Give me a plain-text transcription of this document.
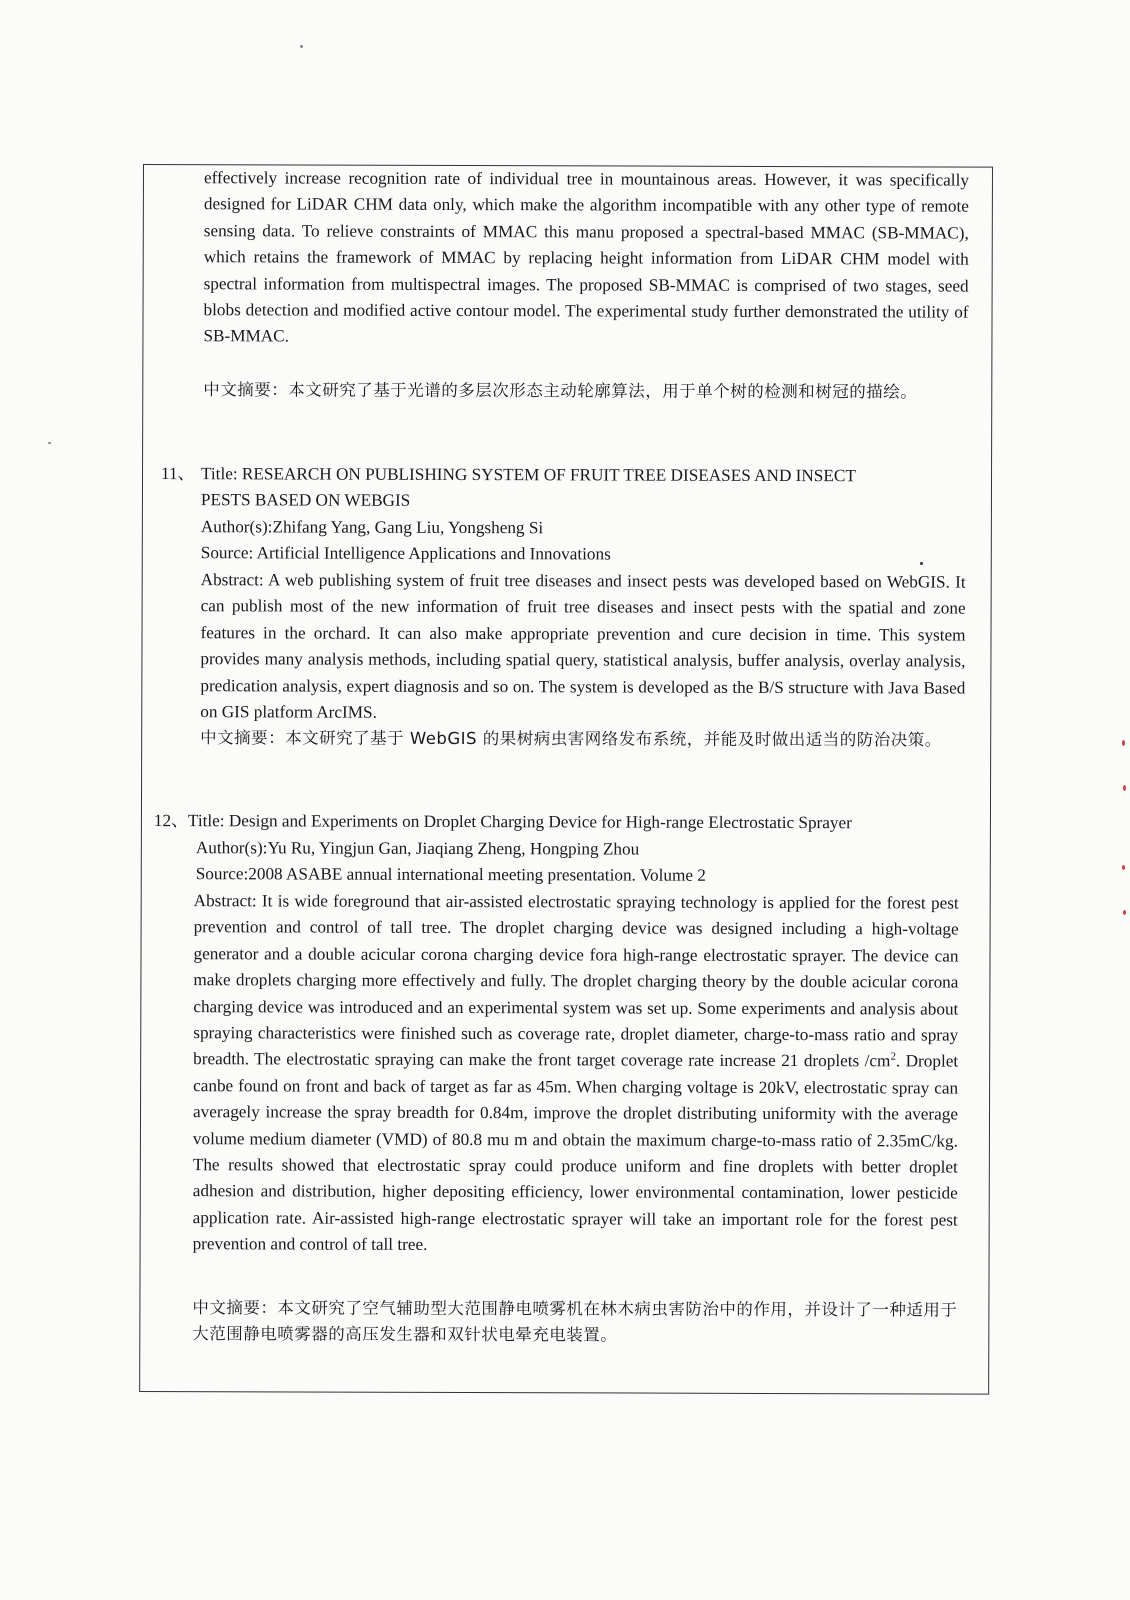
effectively increase recognition rate of individual tree in mountainous areas. However, it was specifically designed for LiDAR CHM data only, which make the algorithm incompatible with any other type of remote sensing data. To relieve constraints of MMAC this manu proposed a spectral-based MMAC (SB-MMAC), which retains the framework of MMAC by replacing height information from LiDAR CHM model with spectral information from multispectral images. The proposed SB-MMAC is comprised of two stages, seed blobs detection and modified active contour model. The experimental study further demonstrated the utility of SB-MMAC.

中文摘要：本文研究了基于光谱的多层次形态主动轮廓算法，用于单个树的检测和树冠的描绘。

11、 Title: RESEARCH ON PUBLISHING SYSTEM OF FRUIT TREE DISEASES AND INSECT

PESTS BASED ON WEBGIS

Author(s):Zhifang Yang, Gang Liu, Yongsheng Si

Source: Artificial Intelligence Applications and Innovations

Abstract: A web publishing system of fruit tree diseases and insect pests was developed based on WebGIS. It can publish most of the new information of fruit tree diseases and insect pests with the spatial and zone features in the orchard. It can also make appropriate prevention and cure decision in time. This system provides many analysis methods, including spatial query, statistical analysis, buffer analysis, overlay analysis, predication analysis, expert diagnosis and so on. The system is developed as the B/S structure with Java Based on GIS platform ArcIMS.

中文摘要：本文研究了基于 WebGIS 的果树病虫害网络发布系统，并能及时做出适当的防治决策。

12、 Title: Design and Experiments on Droplet Charging Device for High-range Electrostatic Sprayer

Author(s):Yu Ru, Yingjun Gan, Jiaqiang Zheng, Hongping Zhou

Source:2008 ASABE annual international meeting presentation. Volume 2

Abstract: It is wide foreground that air-assisted electrostatic spraying technology is applied for the forest pest prevention and control of tall tree. The droplet charging device was designed including a high-voltage generator and a double acicular corona charging device fora high-range electrostatic sprayer. The device can make droplets charging more effectively and fully. The droplet charging theory by the double acicular corona charging device was introduced and an experimental system was set up. Some experiments and analysis about spraying characteristics were finished such as coverage rate, droplet diameter, charge-to-mass ratio and spray breadth. The electrostatic spraying can make the front target coverage rate increase 21 droplets $/cm^2$. Droplet canbe found on front and back of target as far as 45m. When charging voltage is 20kV, electrostatic spray can averagely increase the spray breadth for 0.84m, improve the droplet distributing uniformity with the average volume medium diameter (VMD) of 80.8 mu m and obtain the maximum charge-to-mass ratio of 2.35mC/kg. The results showed that electrostatic spray could produce uniform and fine droplets with better droplet adhesion and distribution, higher depositing efficiency, lower environmental contamination, lower pesticide application rate. Air-assisted high-range electrostatic sprayer will take an important role for the forest pest prevention and control of tall tree.

中文摘要：本文研究了空气辅助型大范围静电喷雾机在林木病虫害防治中的作用，并设计了一种适用于大范围静电喷雾器的高压发生器和双针状电晕充电装置。
